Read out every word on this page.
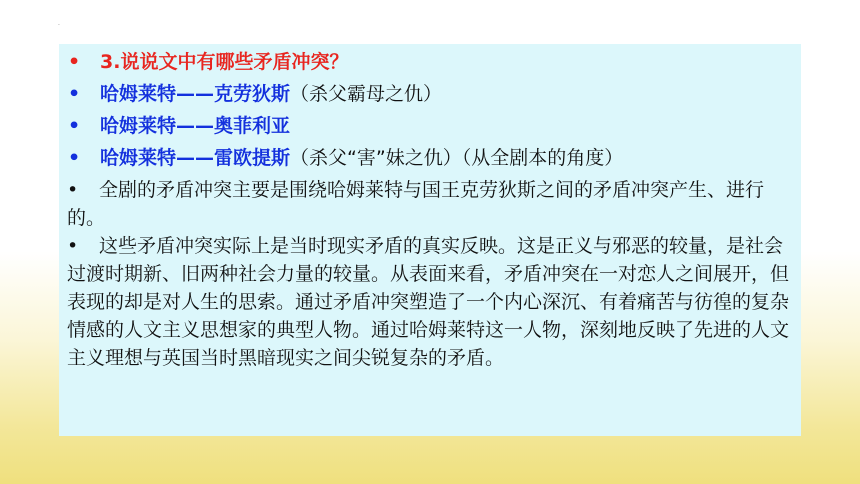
.
• 3.说说文中有哪些矛盾冲突？
• 哈姆莱特——克劳狄斯（杀父霸母之仇）
• 哈姆莱特——奥菲利亚
• 哈姆莱特——雷欧提斯（杀父“害”妹之仇）（从全剧本的角度）
• 全剧的矛盾冲突主要是围绕哈姆莱特与国王克劳狄斯之间的矛盾冲突产生、进行的。
• 这些矛盾冲突实际上是当时现实矛盾的真实反映。这是正义与邪恶的较量，是社会过渡时期新、旧两种社会力量的较量。从表面来看，矛盾冲突在一对恋人之间展开，但表现的却是对人生的思索。通过矛盾冲突塑造了一个内心深沉、有着痛苦与彷徨的复杂情感的人文主义思想家的典型人物。通过哈姆莱特这一人物，深刻地反映了先进的人文主义理想与英国当时黑暗现实之间尖锐复杂的矛盾。
